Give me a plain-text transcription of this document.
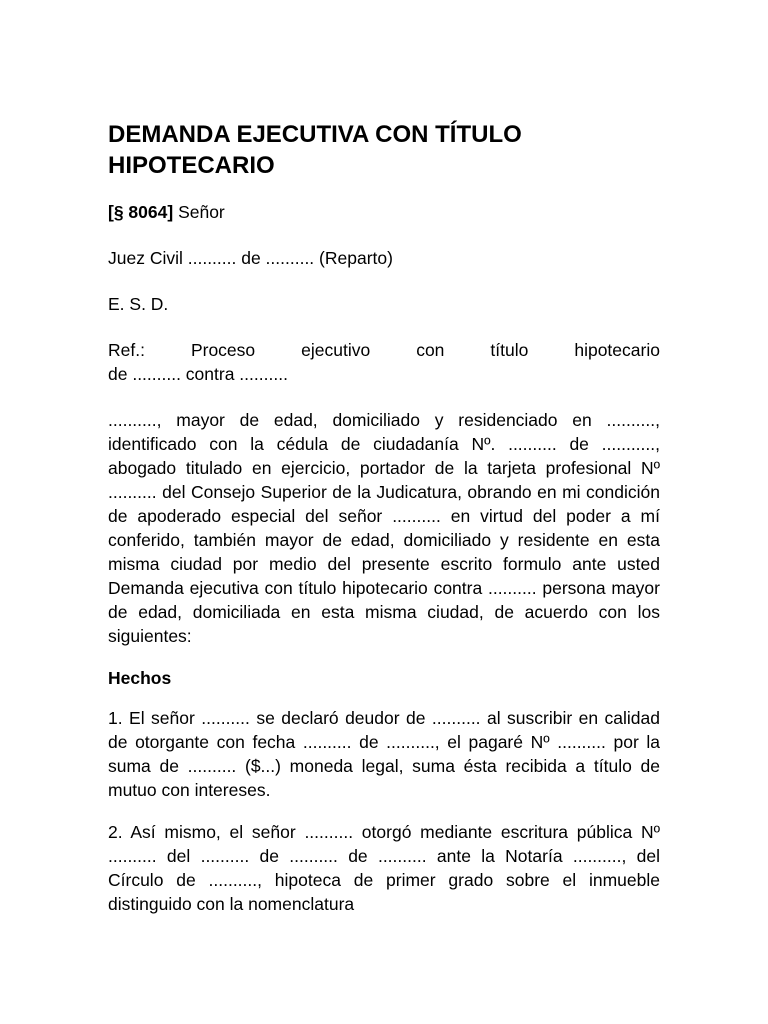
DEMANDA EJECUTIVA CON TÍTULO
HIPOTECARIO

[§ 8064] Señor

Juez Civil .......... de .......... (Reparto)

E. S. D.

Ref.:	Proceso	ejecutivo	con	título	hipotecario

de .......... contra ..........

.........., mayor de edad, domiciliado y residenciado en .........., identificado con la cédula de ciudadanía Nº. .......... de ..........., abogado titulado en ejercicio, portador de la tarjeta profesional Nº .......... del Consejo Superior de la Judicatura, obrando en mi condición de apoderado especial del señor .......... en virtud del poder a mí conferido, también mayor de edad, domiciliado y residente en esta misma ciudad por medio del presente escrito formulo ante usted Demanda ejecutiva con título hipotecario contra .......... persona mayor de edad, domiciliada en esta misma ciudad, de acuerdo con los siguientes:

Hechos

1. El señor .......... se declaró deudor de .......... al suscribir en calidad de otorgante con fecha .......... de .........., el pagaré Nº .......... por la suma de .......... ($...) moneda legal, suma ésta recibida a título de mutuo con intereses.

2. Así mismo, el señor .......... otorgó mediante escritura pública Nº .......... del .......... de .......... de .......... ante la Notaría .........., del Círculo de .........., hipoteca de primer grado sobre el inmueble distinguido con la nomenclatura
